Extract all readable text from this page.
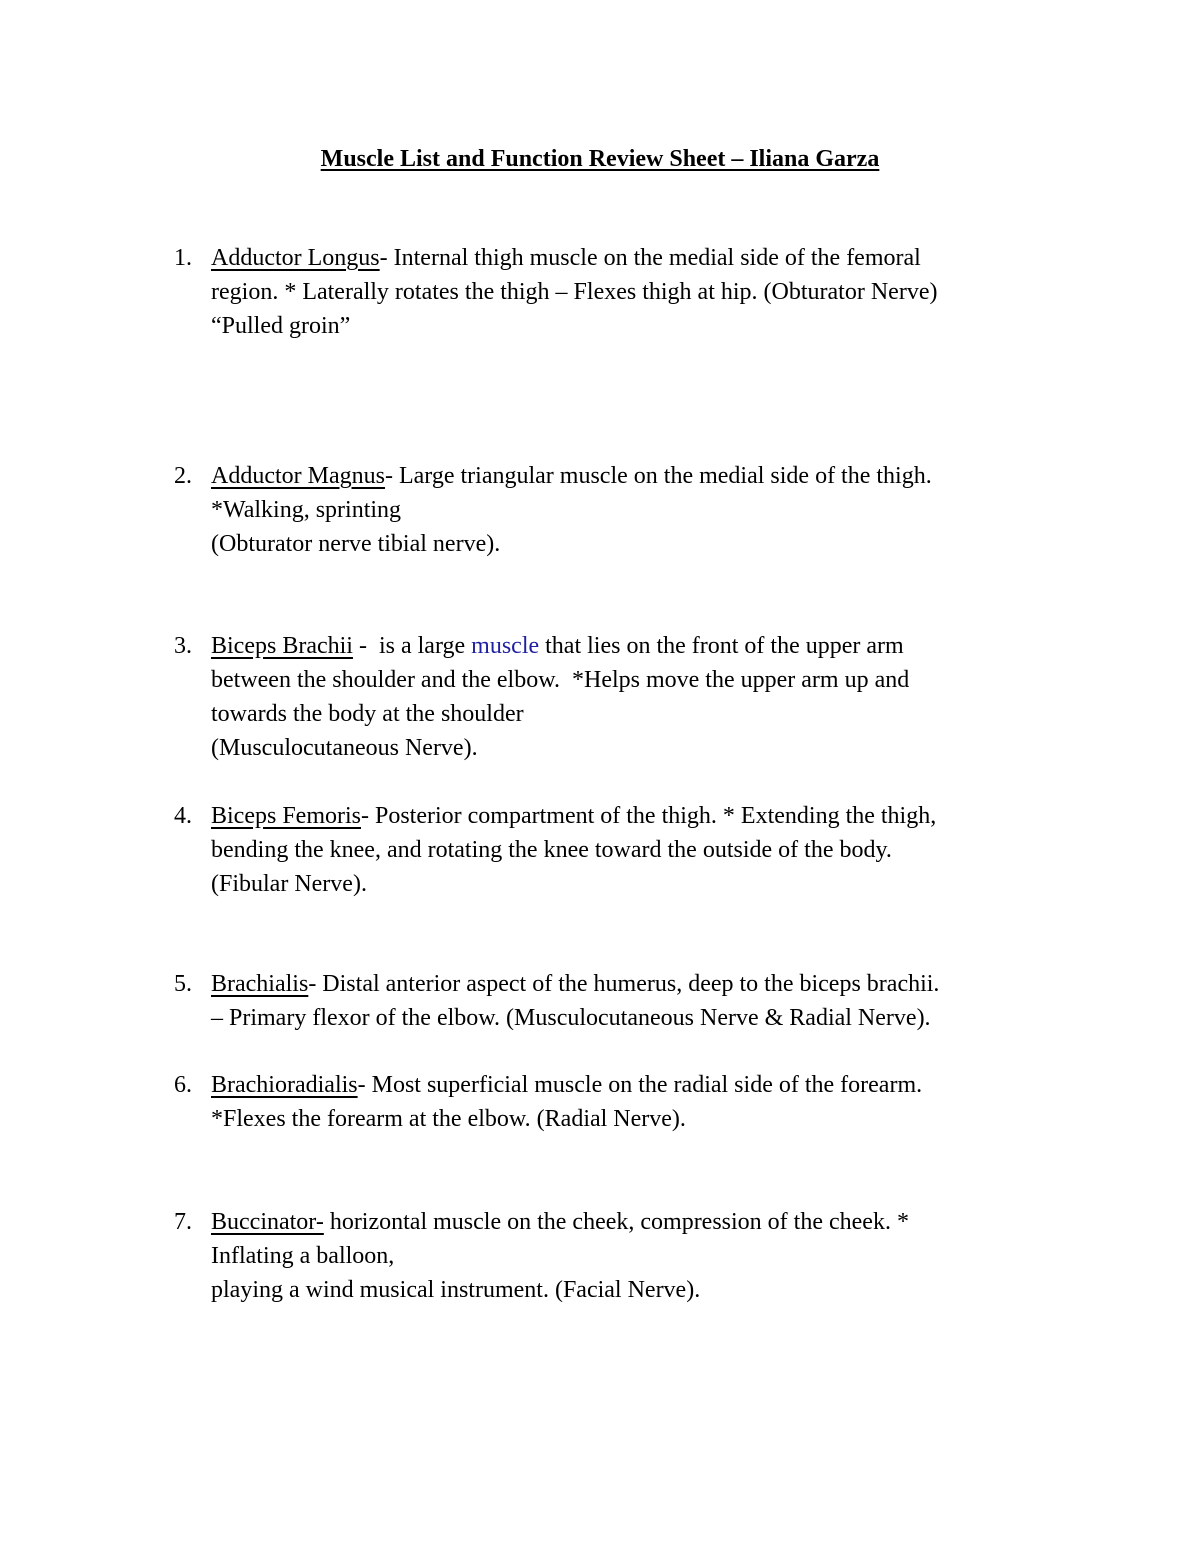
Muscle List and Function Review Sheet – Iliana Garza
1. Adductor Longus- Internal thigh muscle on the medial side of the femoral
region. * Laterally rotates the thigh – Flexes thigh at hip. (Obturator Nerve)
“Pulled groin”
2. Adductor Magnus- Large triangular muscle on the medial side of the thigh.
*Walking, sprinting
(Obturator nerve tibial nerve).
3. Biceps Brachii -  is a large muscle that lies on the front of the upper arm
between the shoulder and the elbow.  *Helps move the upper arm up and
towards the body at the shoulder
(Musculocutaneous Nerve).
4. Biceps Femoris- Posterior compartment of the thigh. * Extending the thigh,
bending the knee, and rotating the knee toward the outside of the body.
(Fibular Nerve).
5. Brachialis- Distal anterior aspect of the humerus, deep to the biceps brachii.
– Primary flexor of the elbow. (Musculocutaneous Nerve & Radial Nerve).
6. Brachioradialis- Most superficial muscle on the radial side of the forearm.
*Flexes the forearm at the elbow. (Radial Nerve).
7. Buccinator- horizontal muscle on the cheek, compression of the cheek. *
Inflating a balloon,
playing a wind musical instrument. (Facial Nerve).
